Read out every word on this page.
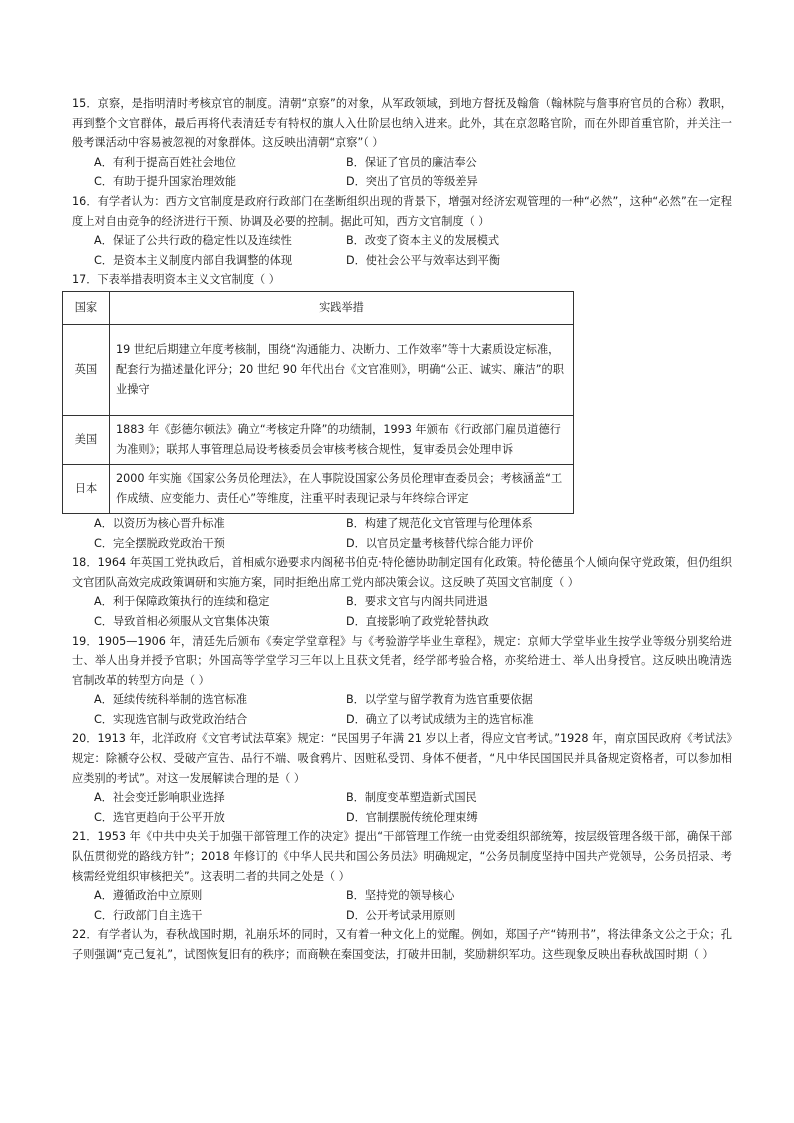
15．京察，是指明清时考核京官的制度。清朝“京察”的对象，从军政领域，到地方督抚及翰詹（翰林院与詹事府官员的合称）教职，再到整个文官群体，最后再将代表清廷专有特权的旗人入仕阶层也纳入进来。此外，其在京忽略官阶，而在外即首重官阶，并关注一般考课活动中容易被忽视的对象群体。这反映出清朝“京察”（ ）

A．有利于提高百姓社会地位	B．保证了官员的廉洁奉公
C．有助于提升国家治理效能	D．突出了官员的等级差异

16．有学者认为：西方文官制度是政府行政部门在垄断组织出现的背景下，增强对经济宏观管理的一种“必然”，这种“必然”在一定程度上对自由竞争的经济进行干预、协调及必要的控制。据此可知，西方文官制度（ ）

A．保证了公共行政的稳定性以及连续性	B．改变了资本主义的发展模式
C．是资本主义制度内部自我调整的体现	D．使社会公平与效率达到平衡

17．下表举措表明资本主义文官制度（ ）

国家	实践举措
英国	19 世纪后期建立年度考核制，围绕“沟通能力、决断力、工作效率”等十大素质设定标准，配套行为描述量化评分；20 世纪 90 年代出台《文官准则》，明确“公正、诚实、廉洁”的职业操守
美国	1883 年《彭德尔顿法》确立“考核定升降”的功绩制，1993 年颁布《行政部门雇员道德行为准则》；联邦人事管理总局设考核委员会审核考核合规性，复审委员会处理申诉
日本	2000 年实施《国家公务员伦理法》，在人事院设国家公务员伦理审查委员会；考核涵盖“工作成绩、应变能力、责任心”等维度，注重平时表现记录与年终综合评定
A．以资历为核心晋升标准	B．构建了规范化文官管理与伦理体系
C．完全摆脱政党政治干预	D．以官员定量考核替代综合能力评价

18．1964 年英国工党执政后，首相威尔逊要求内阁秘书伯克·特伦德协助制定国有化政策。特伦德虽个人倾向保守党政策，但仍组织文官团队高效完成政策调研和实施方案，同时拒绝出席工党内部决策会议。这反映了英国文官制度（ ）

A．利于保障政策执行的连续和稳定	B．要求文官与内阁共同进退
C．导致首相必须服从文官集体决策	D．直接影响了政党轮替执政

19．1905—1906 年，清廷先后颁布《奏定学堂章程》与《考验游学毕业生章程》，规定：京师大学堂毕业生按学业等级分别奖给进士、举人出身并授予官职；外国高等学堂学习三年以上且获文凭者，经学部考验合格，亦奖给进士、举人出身授官。这反映出晚清选官制改革的转型方向是（ ）

A．延续传统科举制的选官标准	B．以学堂与留学教育为选官重要依据
C．实现选官制与政党政治结合	D．确立了以考试成绩为主的选官标准

20．1913 年，北洋政府《文官考试法草案》规定：“民国男子年满 21 岁以上者，得应文官考试。”1928 年，南京国民政府《考试法》规定：除褫夺公权、受破产宣告、品行不端、吸食鸦片、因赃私受罚、身体不便者，“凡中华民国国民并具备规定资格者，可以参加相应类别的考试”。对这一发展解读合理的是（ ）

A．社会变迁影响职业选择	B．制度变革塑造新式国民
C．选官更趋向于公平开放	D．官制摆脱传统伦理束缚

21．1953 年《中共中央关于加强干部管理工作的决定》提出“干部管理工作统一由党委组织部统筹，按层级管理各级干部，确保干部队伍贯彻党的路线方针”；2018 年修订的《中华人民共和国公务员法》明确规定，“公务员制度坚持中国共产党领导，公务员招录、考核需经党组织审核把关”。这表明二者的共同之处是（ ）

A．遵循政治中立原则	B．坚持党的领导核心
C．行政部门自主选干	D．公开考试录用原则

22．有学者认为，春秋战国时期，礼崩乐坏的同时，又有着一种文化上的觉醒。例如，郑国子产“铸刑书”，将法律条文公之于众；孔子则强调“克己复礼”，试图恢复旧有的秩序；而商鞅在秦国变法，打破井田制，奖励耕织军功。这些现象反映出春秋战国时期（ ）
